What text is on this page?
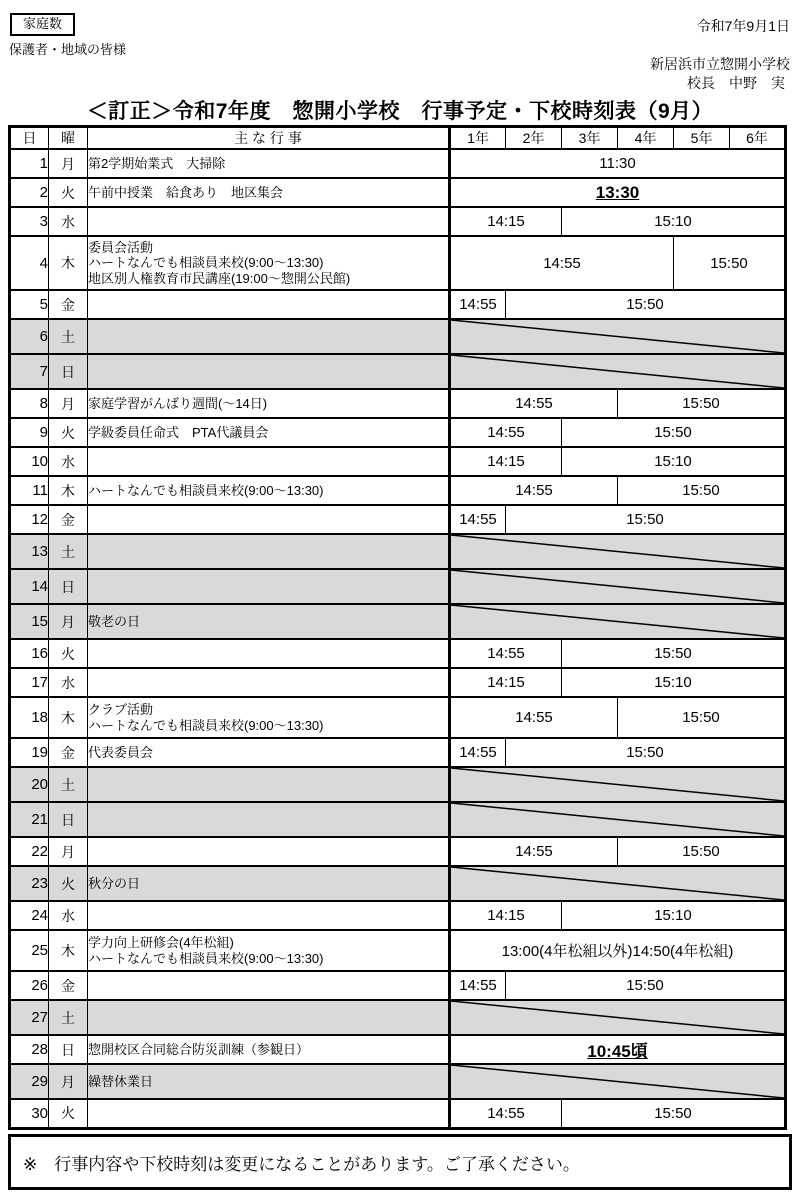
家庭数
保護者・地域の皆様
令和7年9月1日
新居浜市立惣開小学校
校長　中野　実
＜訂正＞令和7年度　惣開小学校　行事予定・下校時刻表（9月）
日	曜	主 な 行 事	1年	2年	3年	4年	5年	6年
1	月	第2学期始業式　大掃除	11:30					
2	火	午前中授業　給食あり　地区集会	13:30					
3	水		14:15		15:10			
4	木	委員会活動
ハートなんでも相談員来校(9:00～13:30)
地区別人権教育市民講座(19:00～惣開公民館)	14:55				15:50	
5	金		14:55	15:50				
6	土		

7	日		

8	月	家庭学習がんばり週間(～14日)	14:55			15:50		
9	火	学級委員任命式　PTA代議員会	14:55		15:50			
10	水		14:15		15:10			
11	木	ハートなんでも相談員来校(9:00～13:30)	14:55			15:50		
12	金		14:55	15:50				
13	土		

14	日		

15	月	敬老の日

16	火		14:55		15:50			
17	水		14:15		15:10			
18	木	クラブ活動
ハートなんでも相談員来校(9:00～13:30)	14:55			15:50		
19	金	代表委員会	14:55	15:50				
20	土		

21	日		

22	月		14:55			15:50		
23	火	秋分の日

24	水		14:15		15:10			
25	木	学力向上研修会(4年松組)
ハートなんでも相談員来校(9:00～13:30)	13:00(4年松組以外)14:50(4年松組)					
26	金		14:55	15:50				
27	土		

28	日	惣開校区合同総合防災訓練（参観日）	10:45頃					
29	月	繰替休業日

30	火		14:55		15:50			
※　行事内容や下校時刻は変更になることがあります。ご了承ください。
